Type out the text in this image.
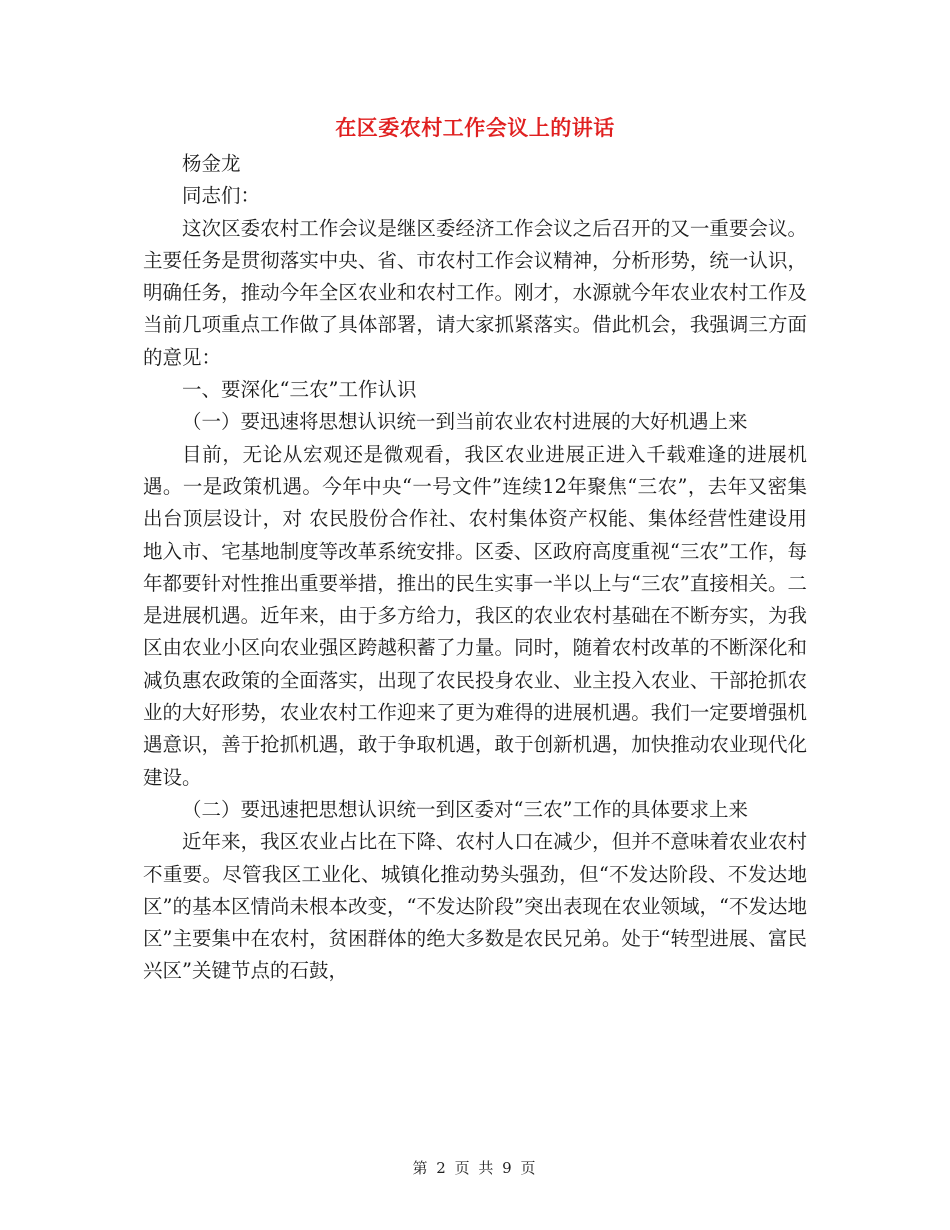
在区委农村工作会议上的讲话

杨金龙

同志们：

这次区委农村工作会议是继区委经济工作会议之后召开的又一重要会议。主要任务是贯彻落实中央、省、市农村工作会议精神，分析形势，统一认识，明确任务，推动今年全区农业和农村工作。刚才，水源就今年农业农村工作及当前几项重点工作做了具体部署，请大家抓紧落实。借此机会，我强调三方面的意见：

一、要深化“三农”工作认识

（一）要迅速将思想认识统一到当前农业农村进展的大好机遇上来

目前，无论从宏观还是微观看，我区农业进展正进入千载难逢的进展机遇。一是政策机遇。今年中央“一号文件”连续12年聚焦“三农”，去年又密集出台顶层设计，对 农民股份合作社、农村集体资产权能、集体经营性建设用地入市、宅基地制度等改革系统安排。区委、区政府高度重视“三农”工作，每年都要针对性推出重要举措，推出的民生实事一半以上与“三农”直接相关。二是进展机遇。近年来，由于多方给力，我区的农业农村基础在不断夯实，为我区由农业小区向农业强区跨越积蓄了力量。同时，随着农村改革的不断深化和减负惠农政策的全面落实，出现了农民投身农业、业主投入农业、干部抢抓农业的大好形势，农业农村工作迎来了更为难得的进展机遇。我们一定要增强机遇意识，善于抢抓机遇，敢于争取机遇，敢于创新机遇，加快推动农业现代化建设。

（二）要迅速把思想认识统一到区委对“三农”工作的具体要求上来

近年来，我区农业占比在下降、农村人口在减少，但并不意味着农业农村不重要。尽管我区工业化、城镇化推动势头强劲，但“不发达阶段、不发达地区”的基本区情尚未根本改变，“不发达阶段”突出表现在农业领域，“不发达地区”主要集中在农村，贫困群体的绝大多数是农民兄弟。处于“转型进展、富民兴区”关键节点的石鼓，

第 2 页 共 9 页
